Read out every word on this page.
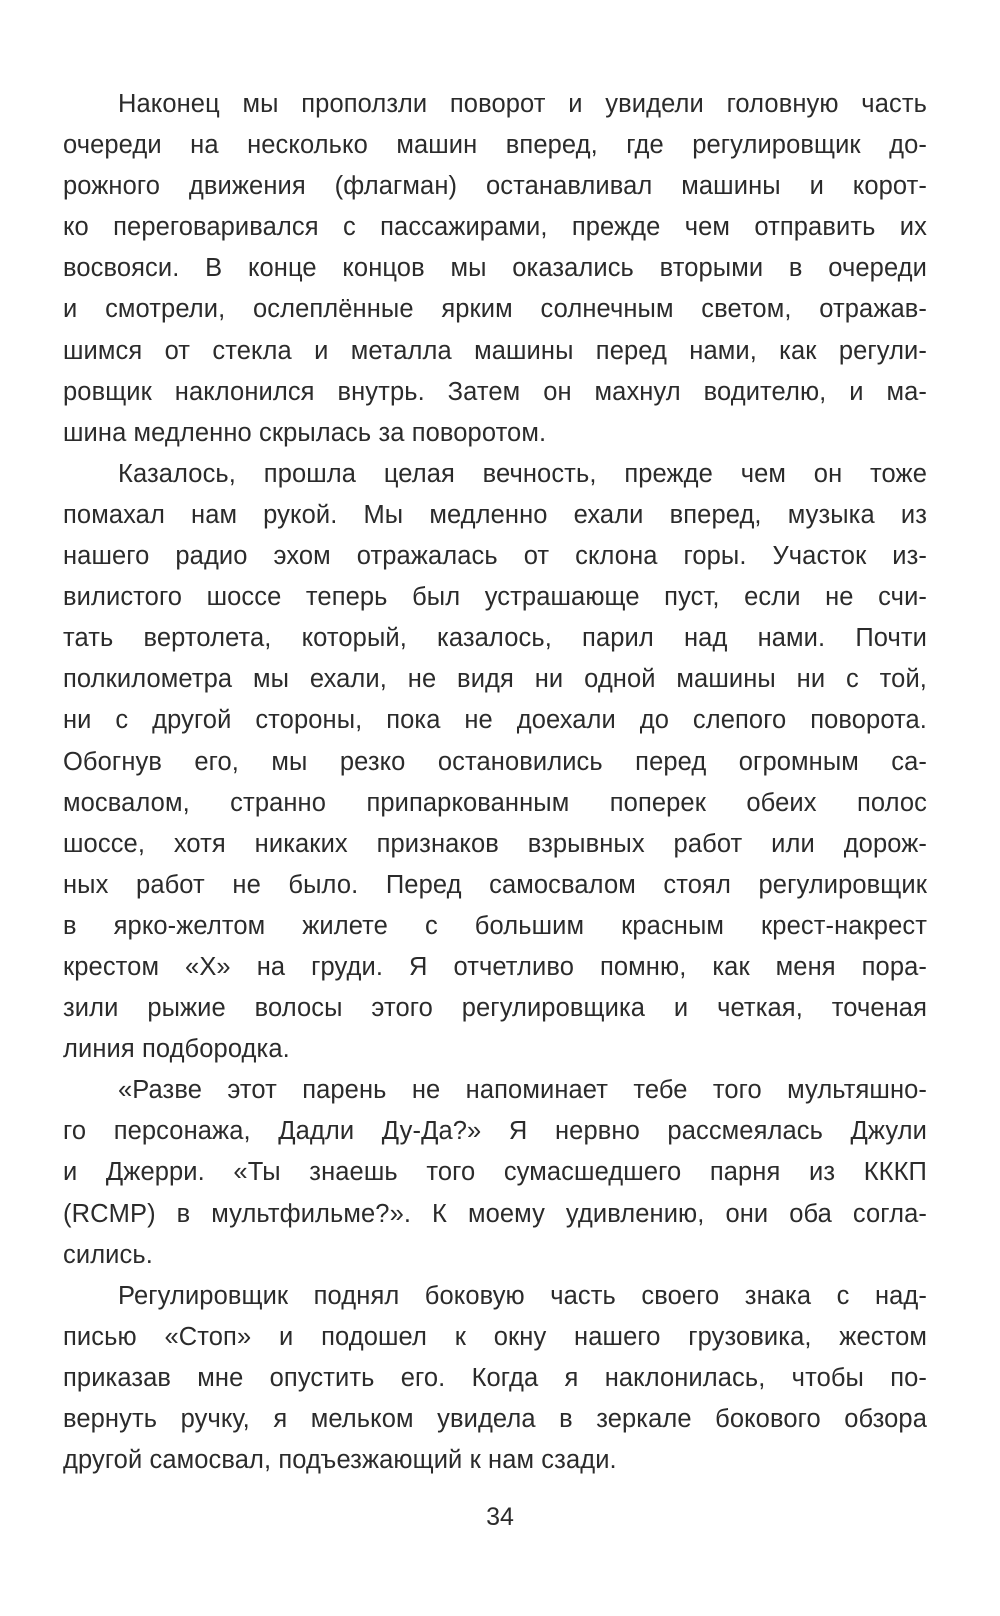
Наконец мы проползли поворот и увидели головную часть
очереди на несколько машин вперед, где регулировщик до-
рожного движения (флагман) останавливал машины и корот-
ко переговаривался с пассажирами, прежде чем отправить их
восвояси. В конце концов мы оказались вторыми в очереди
и смотрели, ослеплённые ярким солнечным светом, отражав-
шимся от стекла и металла машины перед нами, как регули-
ровщик наклонился внутрь. Затем он махнул водителю, и ма-
шина медленно скрылась за поворотом.
Казалось, прошла целая вечность, прежде чем он тоже
помахал нам рукой. Мы медленно ехали вперед, музыка из
нашего радио эхом отражалась от склона горы. Участок из-
вилистого шоссе теперь был устрашающе пуст, если не счи-
тать вертолета, который, казалось, парил над нами. Почти
полкилометра мы ехали, не видя ни одной машины ни с той,
ни с другой стороны, пока не доехали до слепого поворота.
Обогнув его, мы резко остановились перед огромным са-
мосвалом, странно припаркованным поперек обеих полос
шоссе, хотя никаких признаков взрывных работ или дорож-
ных работ не было. Перед самосвалом стоял регулировщик
в ярко-желтом жилете с большим красным крест-накрест
крестом «Х» на груди. Я отчетливо помню, как меня пора-
зили рыжие волосы этого регулировщика и четкая, точеная
линия подбородка.
«Разве этот парень не напоминает тебе того мультяшно-
го персонажа, Дадли Ду-Да?» Я нервно рассмеялась Джули
и Джерри. «Ты знаешь того сумасшедшего парня из КККП
(RCMP) в мультфильме?». К моему удивлению, они оба согла-
сились.
Регулировщик поднял боковую часть своего знака с над-
писью «Стоп» и подошел к окну нашего грузовика, жестом
приказав мне опустить его. Когда я наклонилась, чтобы по-
вернуть ручку, я мельком увидела в зеркале бокового обзора
другой самосвал, подъезжающий к нам сзади.
34
